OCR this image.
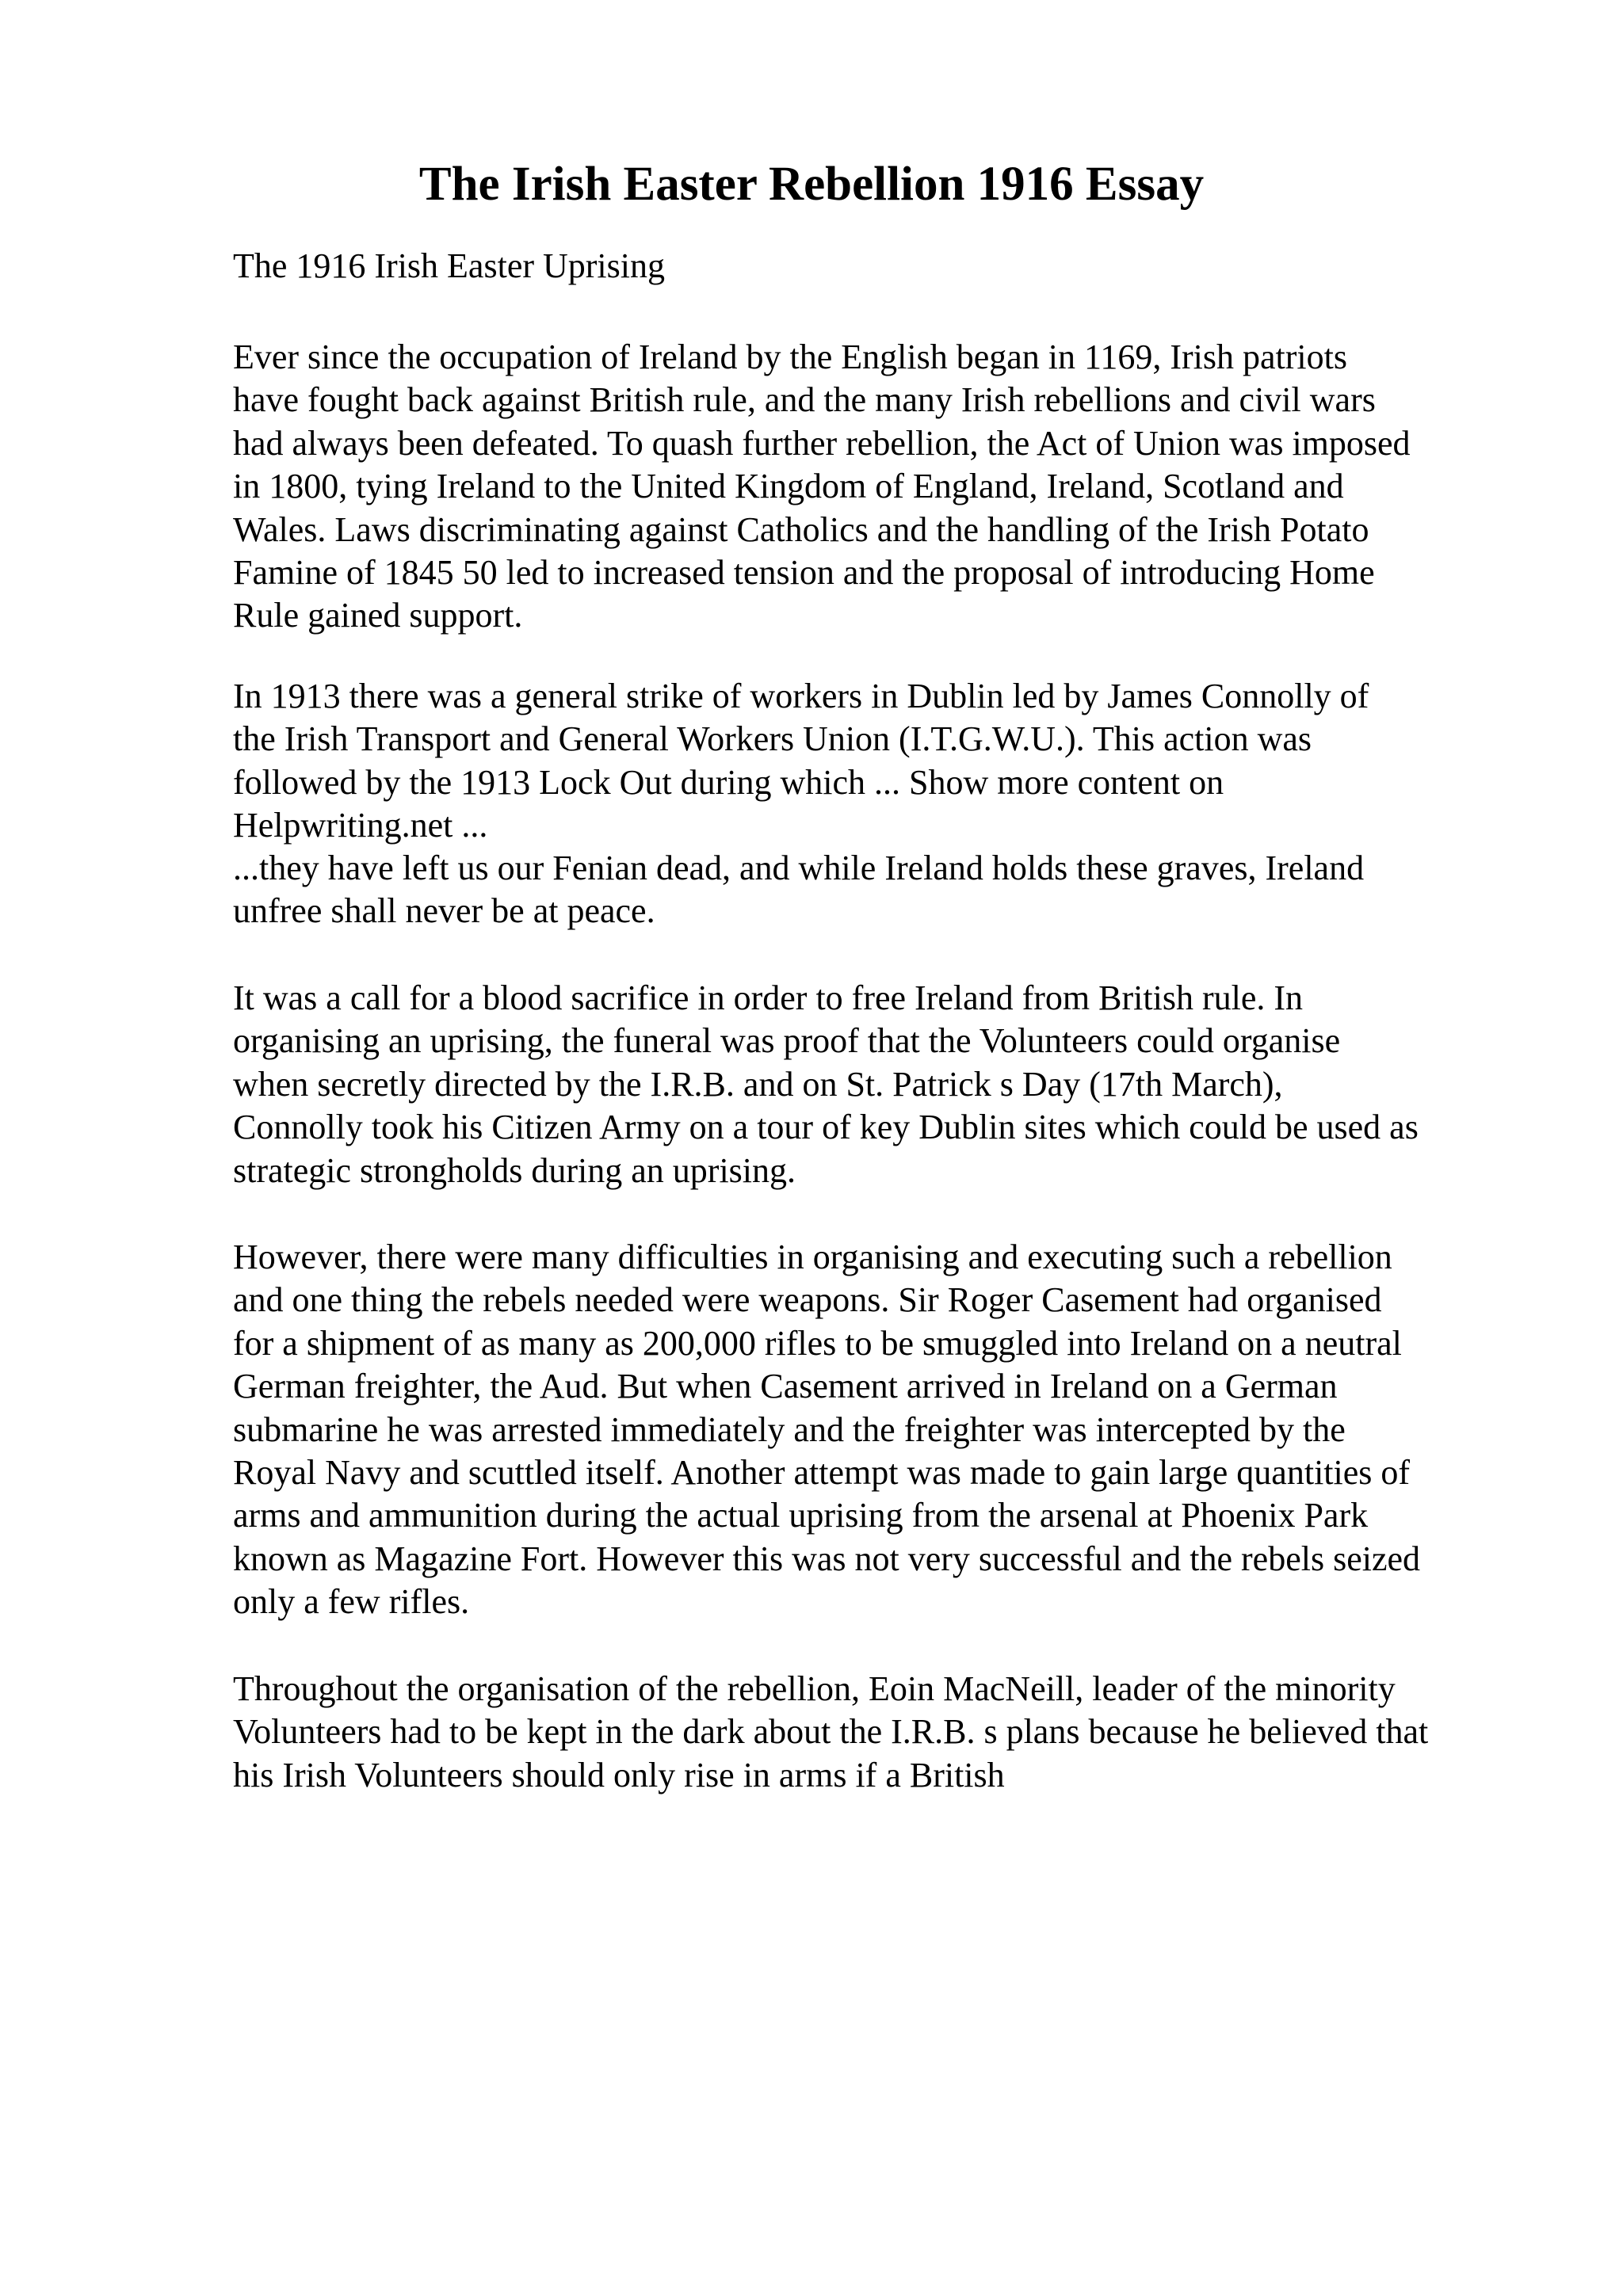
The Irish Easter Rebellion 1916 Essay

The 1916 Irish Easter Uprising

Ever since the occupation of Ireland by the English began in 1169, Irish patriots
have fought back against British rule, and the many Irish rebellions and civil wars
had always been defeated. To quash further rebellion, the Act of Union was imposed
in 1800, tying Ireland to the United Kingdom of England, Ireland, Scotland and
Wales. Laws discriminating against Catholics and the handling of the Irish Potato
Famine of 1845 50 led to increased tension and the proposal of introducing Home
Rule gained support.
In 1913 there was a general strike of workers in Dublin led by James Connolly of
the Irish Transport and General Workers Union (I.T.G.W.U.). This action was
followed by the 1913 Lock Out during which ... Show more content on
Helpwriting.net ...
...they have left us our Fenian dead, and while Ireland holds these graves, Ireland
unfree shall never be at peace.
It was a call for a blood sacrifice in order to free Ireland from British rule. In
organising an uprising, the funeral was proof that the Volunteers could organise
when secretly directed by the I.R.B. and on St. Patrick s Day (17th March),
Connolly took his Citizen Army on a tour of key Dublin sites which could be used as
strategic strongholds during an uprising.
However, there were many difficulties in organising and executing such a rebellion
and one thing the rebels needed were weapons. Sir Roger Casement had organised
for a shipment of as many as 200,000 rifles to be smuggled into Ireland on a neutral
German freighter, the Aud. But when Casement arrived in Ireland on a German
submarine he was arrested immediately and the freighter was intercepted by the
Royal Navy and scuttled itself. Another attempt was made to gain large quantities of
arms and ammunition during the actual uprising from the arsenal at Phoenix Park
known as Magazine Fort. However this was not very successful and the rebels seized
only a few rifles.
Throughout the organisation of the rebellion, Eoin MacNeill, leader of the minority
Volunteers had to be kept in the dark about the I.R.B. s plans because he believed that
his Irish Volunteers should only rise in arms if a British
